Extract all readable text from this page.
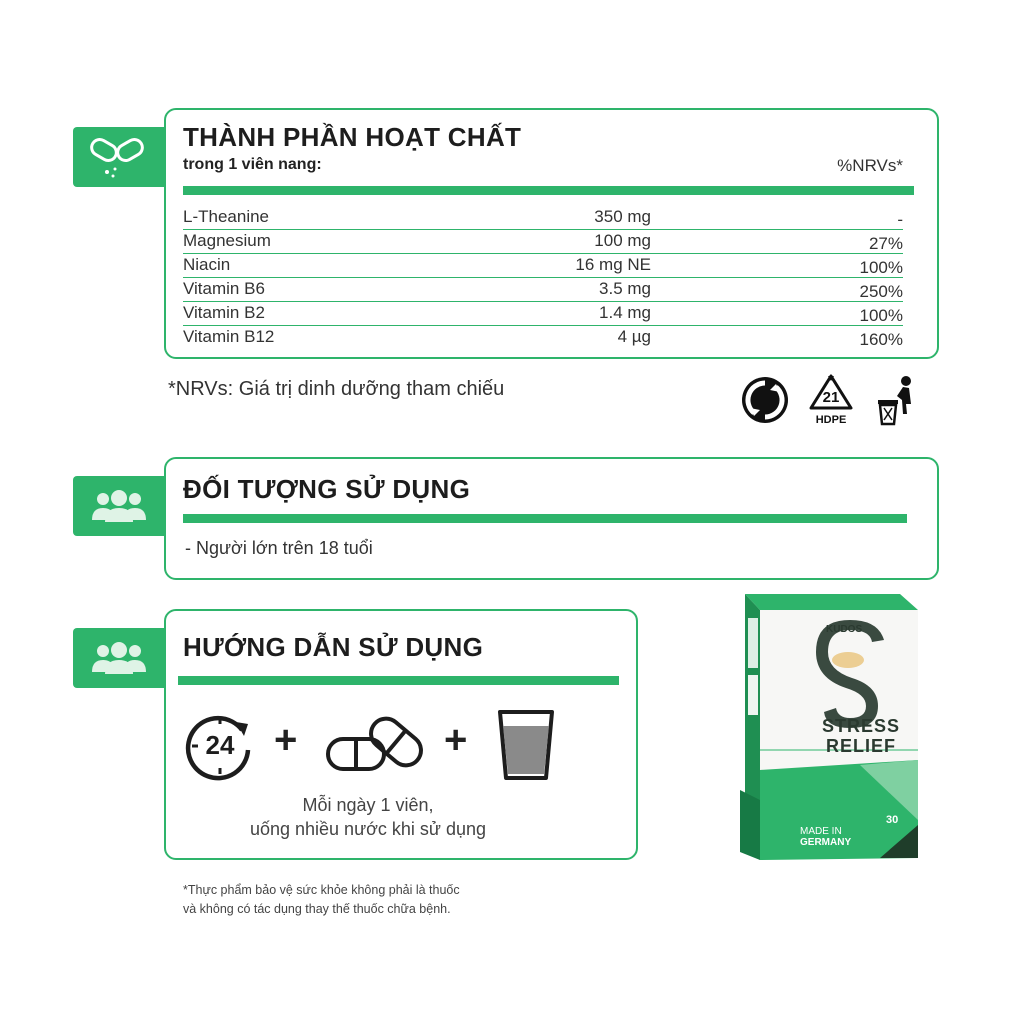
THÀNH PHẦN HOẠT CHẤT
trong 1 viên nang:	%NRVs*
L-Theanine	350 mg	-
Magnesium	100 mg	27%
Niacin	16 mg NE	100%
Vitamin B6	3.5 mg	250%
Vitamin B2	1.4 mg	100%
Vitamin B12	4 µg	160%
*NRVs: Giá trị dinh dưỡng tham chiếu	21
HDPE
ĐỐI TƯỢNG SỬ DỤNG
- Người lớn trên 18 tuổi
HƯỚNG DẪN SỬ DỤNG
24 +	+
Mỗi ngày 1 viên,
uống nhiều nước khi sử dụng
KUDOS
STRESS
RELIEF
MADE IN
GERMANY
30
*Thực phẩm bảo vệ sức khỏe không phải là thuốc
và không có tác dụng thay thế thuốc chữa bệnh.
